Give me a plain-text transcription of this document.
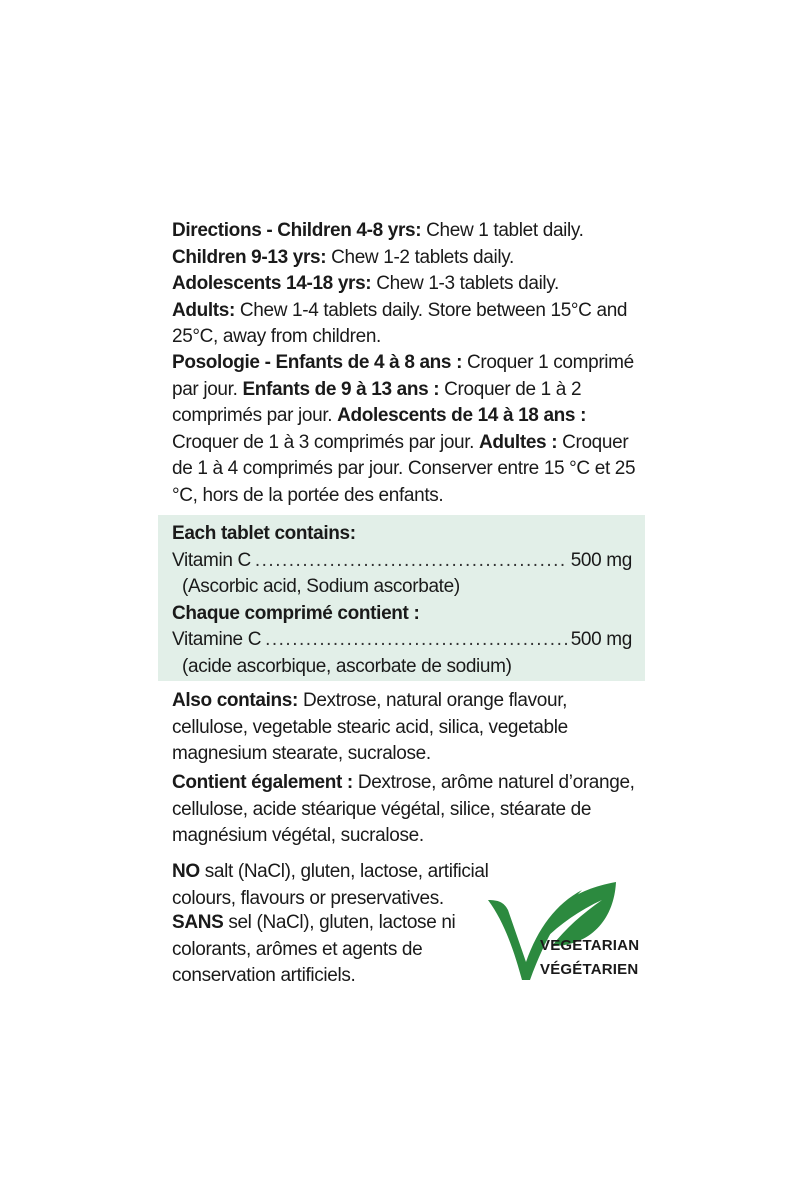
Directions - Children 4-8 yrs: Chew 1 tablet daily.

Children 9-13 yrs: Chew 1-2 tablets daily.

Adolescents 14-18 yrs: Chew 1-3 tablets daily.

Adults: Chew 1-4 tablets daily. Store between 15°C and 25°C, away from children.

Posologie - Enfants de 4 à 8 ans : Croquer 1 comprimé par jour. Enfants de 9 à 13 ans : Croquer de 1 à 2 comprimés par jour. Adolescents de 14 à 18 ans : Croquer de 1 à 3 comprimés par jour. Adultes : Croquer de 1 à 4 comprimés par jour. Conserver entre 15 °C et 25 °C, hors de la portée des enfants.

Each tablet contains:

Vitamin C .....	500 mg

(Ascorbic acid, Sodium ascorbate)

Chaque comprimé contient :

Vitamine C .....	500 mg

(acide ascorbique, ascorbate de sodium)

Also contains: Dextrose, natural orange flavour, cellulose, vegetable stearic acid, silica, vegetable magnesium stearate, sucralose.

Contient également : Dextrose, arôme naturel d’orange, cellulose, acide stéarique végétal, silice, stéarate de magnésium végétal, sucralose.

NO salt (NaCl), gluten, lactose, artificial colours, flavours or preservatives.

SANS sel (NaCl), gluten, lactose ni colorants, arômes et agents de conservation artificiels.

VEGETARIAN
VÉGÉTARIEN
